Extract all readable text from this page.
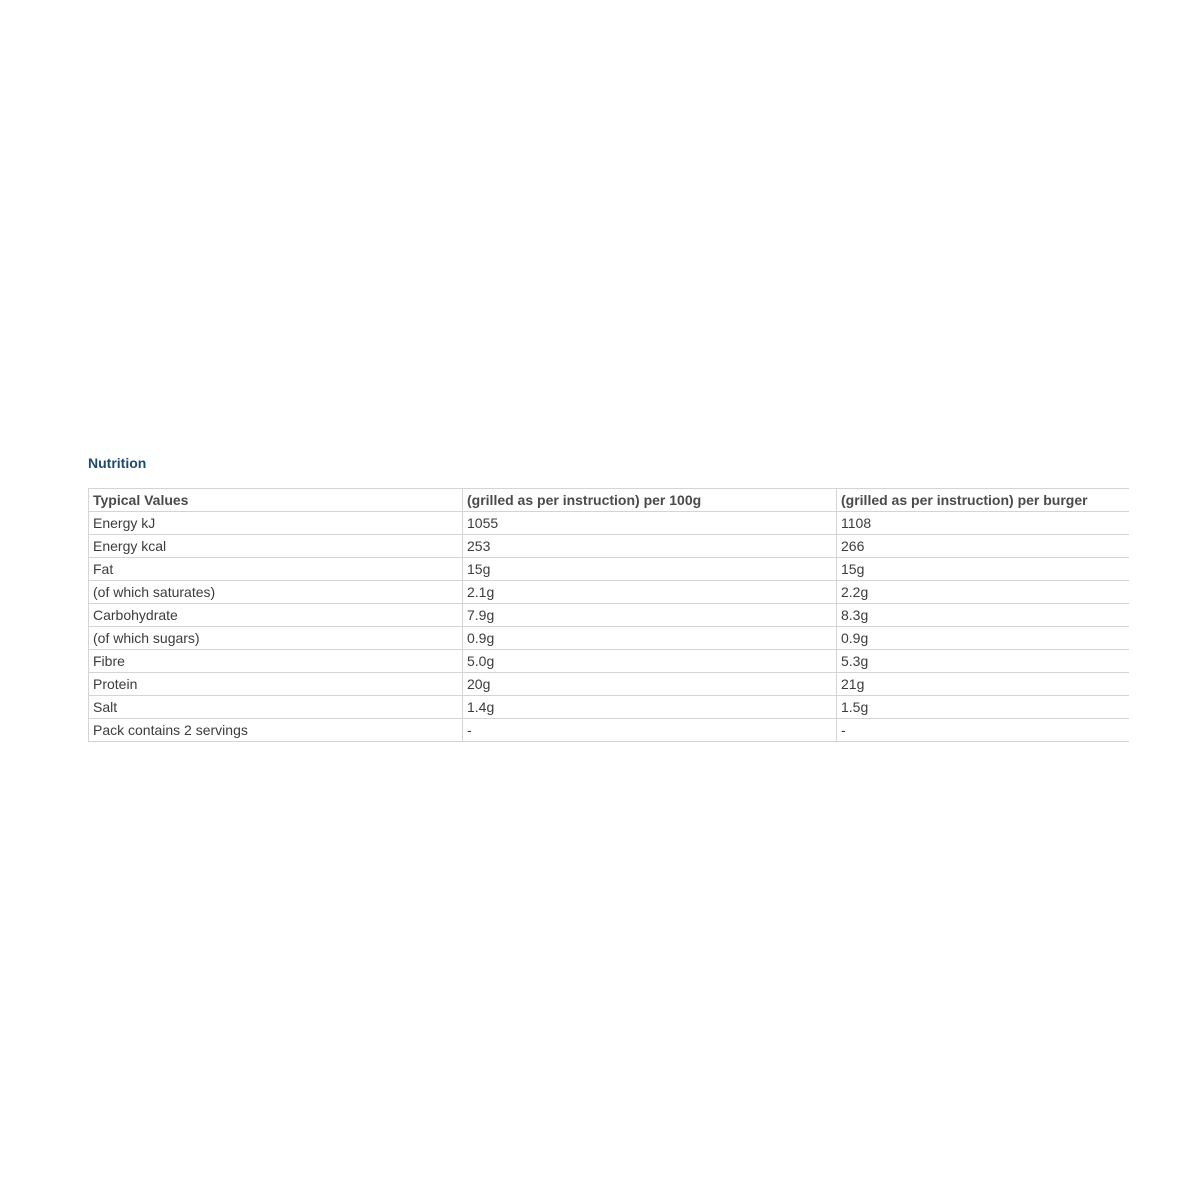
Nutrition
Typical Values	(grilled as per instruction) per 100g	(grilled as per instruction) per burger
Energy kJ	1055	1108
Energy kcal	253	266
Fat	15g	15g
(of which saturates)	2.1g	2.2g
Carbohydrate	7.9g	8.3g
(of which sugars)	0.9g	0.9g
Fibre	5.0g	5.3g
Protein	20g	21g
Salt	1.4g	1.5g
Pack contains 2 servings	-	-
